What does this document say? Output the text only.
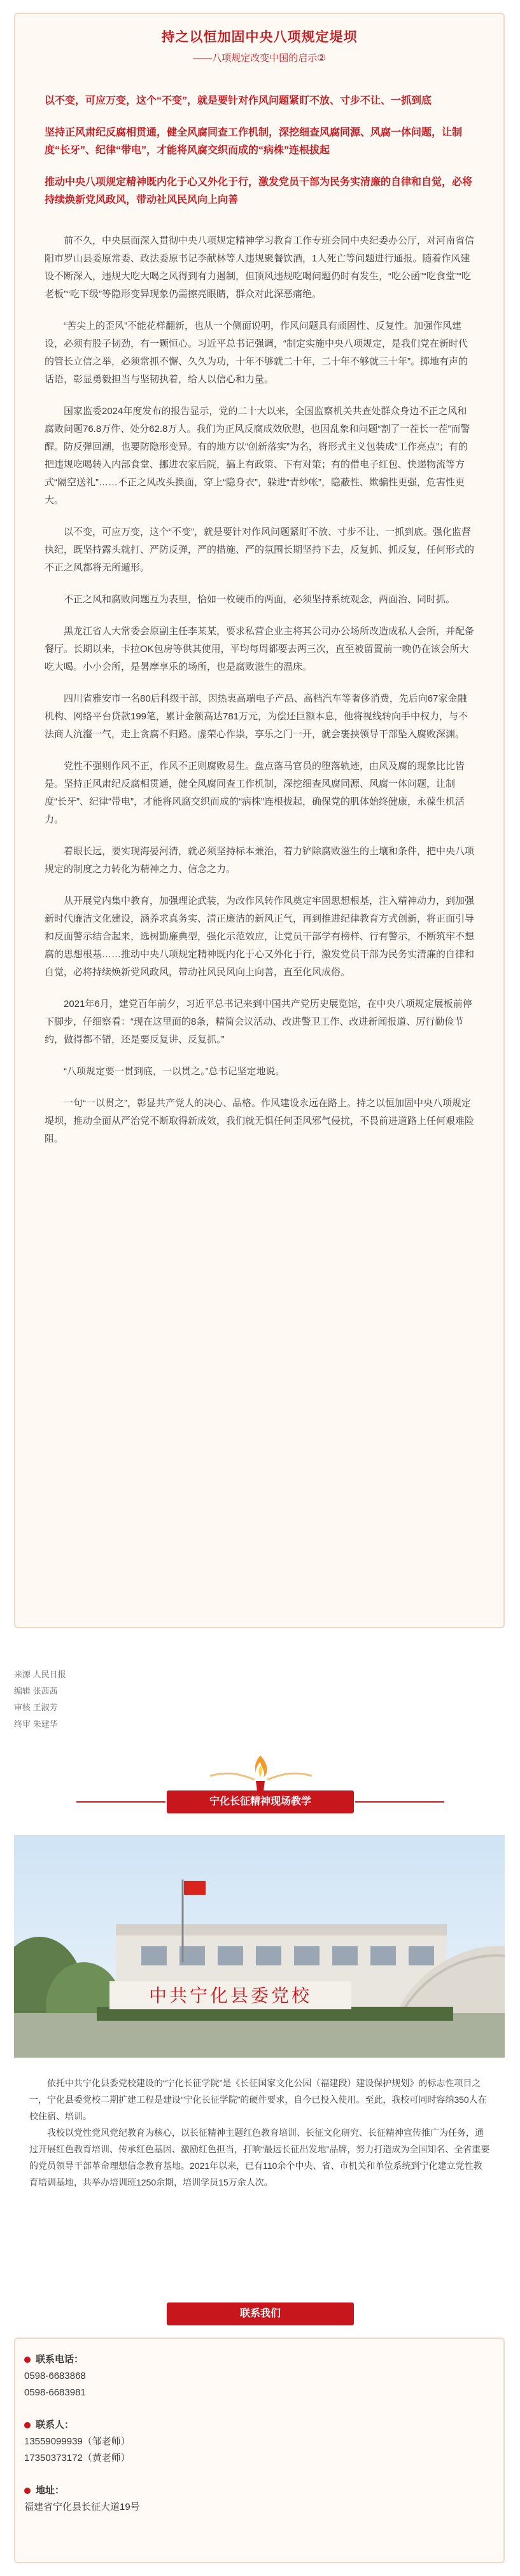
持之以恒加固中央八项规定堤坝
——八项规定改变中国的启示②
以不变，可应万变，这个“不变”，就是要针对作风问题紧盯不放、寸步不让、一抓到底
坚持正风肃纪反腐相贯通，健全风腐同查工作机制，深挖细查风腐同源、风腐一体问题，让制度“长牙”、纪律“带电”，才能将风腐交织而成的“病株”连根拔起
推动中央八项规定精神既内化于心又外化于行，激发党员干部为民务实清廉的自律和自觉，必将持续焕新党风政风，带动社风民风向上向善
前不久，中央层面深入贯彻中央八项规定精神学习教育工作专班会同中央纪委办公厅，对河南省信阳市罗山县委原常委、政法委原书记李献林等人违规聚餐饮酒，1人死亡等问题进行通报。随着作风建设不断深入，违规大吃大喝之风得到有力遏制，但顶风违规吃喝问题仍时有发生，“吃公函”“吃食堂”“吃老板”“吃下级”等隐形变异现象仍需擦亮眼睛，群众对此深恶痛绝。
“苦尖上的歪风”不能花样翻新，也从一个侧面说明，作风问题具有顽固性、反复性。加强作风建设，必须有股子韧劲，有一颗恒心。习近平总书记强调，“制定实施中央八项规定，是我们党在新时代的管长立信之举，必须常抓不懈、久久为功，十年不够就二十年，二十年不够就三十年”。掷地有声的话语，彰显勇毅担当与坚韧执着，给人以信心和力量。
国家监委2024年度发布的报告显示，党的二十大以来，全国监察机关共查处群众身边不正之风和腐败问题76.8万件、处分62.8万人。我们为正风反腐成效欣慰，也因乱象和问题“割了一茬长一茬”而警醒。防反弹回潮，也要防隐形变异。有的地方以“创新落实”为名，将形式主义包装成“工作亮点”；有的把违规吃喝转入内部食堂、挪进农家后院，搞上有政策、下有对策；有的借电子红包、快递物流等方式“隔空送礼”……不正之风改头换面，穿上“隐身衣”，躲进“青纱帐”，隐蔽性、欺骗性更强，危害性更大。
以不变，可应万变，这个“不变”，就是要针对作风问题紧盯不放、寸步不让、一抓到底。强化监督执纪，既坚持露头就打、严防反弹，严的措施、严的氛围长期坚持下去，反复抓、抓反复，任何形式的不正之风都将无所遁形。
不正之风和腐败问题互为表里，恰如一枚硬币的两面，必须坚持系统观念，两面治、同时抓。
黑龙江省人大常委会原副主任李某某，要求私营企业主将其公司办公场所改造成私人会所，并配备餐厅。长期以来，卡拉OK包房等供其使用，平均每周都要去两三次，直至被留置前一晚仍在该会所大吃大喝。小小会所，是暑摩享乐的场所，也是腐败滋生的温床。
四川省雅安市一名80后科级干部，因热衷高端电子产品、高档汽车等奢侈消费，先后向67家金融机构、网络平台贷款199笔，累计金额高达781万元，为偿还巨额本息，他将视线转向手中权力，与不法商人沆瀣一气，走上贪腐不归路。虚荣心作祟，享乐之门一开，就会裹挟领导干部坠入腐败深渊。
党性不强则作风不正，作风不正则腐败易生。盘点落马官员的堕落轨迹，由风及腐的现象比比皆是。坚持正风肃纪反腐相贯通，健全风腐同查工作机制，深挖细查风腐同源、风腐一体问题，让制度“长牙”、纪律“带电”，才能将风腐交织而成的“病株”连根拔起，确保党的肌体始终健康，永葆生机活力。
着眼长远，要实现海晏河清，就必须坚持标本兼治，着力铲除腐败滋生的土壤和条件，把中央八项规定的制度之力转化为精神之力、信念之力。
从开展党内集中教育，加强理论武装，为改作风转作风奠定牢固思想根基，注入精神动力，到加强新时代廉洁文化建设，涵养求真务实、清正廉洁的新风正气，再到推进纪律教育方式创新，将正面引导和反面警示结合起来，选树勤廉典型，强化示范效应，让党员干部学有榜样、行有警示，不断筑牢不想腐的思想根基……推动中央八项规定精神既内化于心又外化于行，激发党员干部为民务实清廉的自律和自觉，必将持续焕新党风政风，带动社风民风向上向善，直至化风成俗。
2021年6月，建党百年前夕，习近平总书记来到中国共产党历史展览馆，在中央八项规定展板前停下脚步，仔细察看：“现在这里面的8条，精简会议活动、改进警卫工作、改进新闻报道、厉行勤俭节约，做得都不错，还是要反复讲、反复抓。”
“八项规定要一贯到底，一以贯之。”总书记坚定地说。
一句“一以贯之”，彰显共产党人的决心、品格。作风建设永远在路上。持之以恒加固中央八项规定堤坝，推动全面从严治党不断取得新成效，我们就无惧任何歪风邪气侵扰，不畏前进道路上任何艰难险阻。
来源 人民日报
编辑 张茜茜
审核 王淑芳
终审 朱建华
宁化长征精神现场教学
中共宁化县委党校

依托中共宁化县委党校建设的“宁化长征学院”是《长征国家文化公园（福建段）建设保护规划》的标志性项目之一，宁化县委党校二期扩建工程是建设“宁化长征学院”的硬件要求，自今已投入使用。至此，我校可同时容纳350人在校住宿、培训。

我校以党性党风党纪教育为核心，以长征精神主题红色教育培训、长征文化研究、长征精神宣传推广为任务，通过开展红色教育培训、传承红色基因、激励红色担当，打响“最远长征出发地”品牌，努力打造成为全国知名、全省重要的党员领导干部革命理想信念教育基地。2021年以来，已有110余个中央、省、市机关和单位系统到宁化建立党性教育培训基地，共举办培训班1250余期，培训学员15万余人次。

联系我们
联系电话：
0598-6683868
0598-6683981
联系人：
13559099939（邹老师）
17350373172（黄老师）
地址：
福建省宁化县长征大道19号
